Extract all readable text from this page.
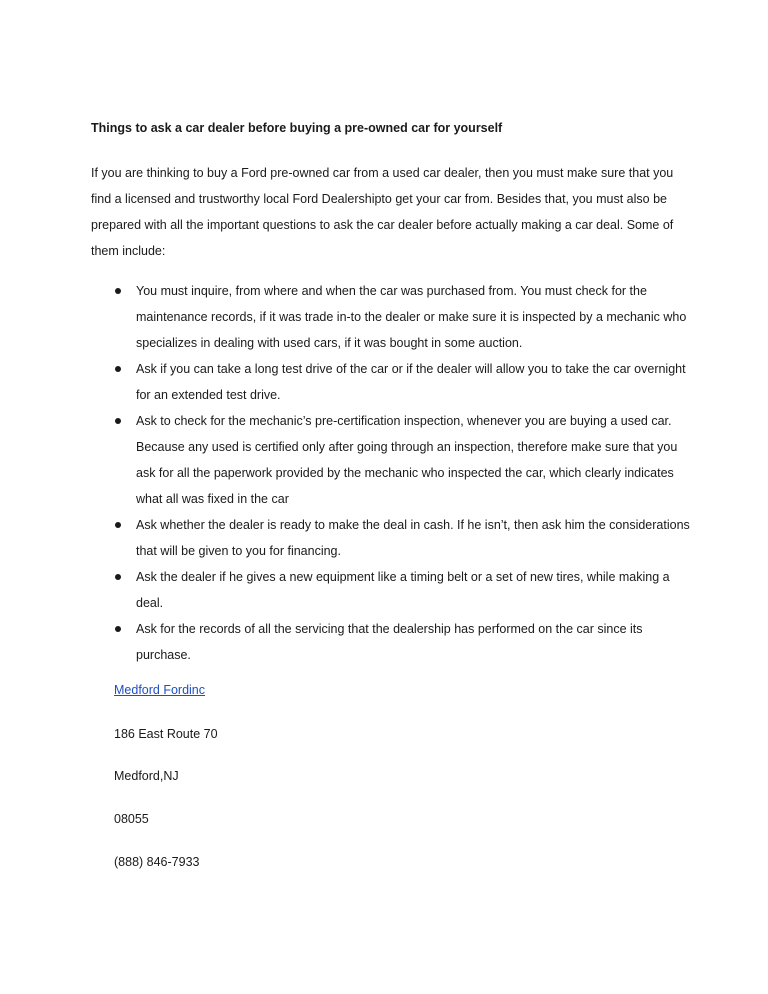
Things to ask a car dealer before buying a pre-owned car for yourself

If you are thinking to buy a Ford pre-owned car from a used car dealer, then you must make sure that you find a licensed and trustworthy local Ford Dealershipto get your car from. Besides that, you must also be prepared with all the important questions to ask the car dealer before actually making a car deal. Some of them include:

You must inquire, from where and when the car was purchased from. You must check for the maintenance records, if it was trade in-to the dealer or make sure it is inspected by a mechanic who specializes in dealing with used cars, if it was bought in some auction.
Ask if you can take a long test drive of the car or if the dealer will allow you to take the car overnight for an extended test drive.
Ask to check for the mechanic’s pre-certification inspection, whenever you are buying a used car. Because any used is certified only after going through an inspection, therefore make sure that you ask for all the paperwork provided by the mechanic who inspected the car, which clearly indicates what all was fixed in the car
Ask whether the dealer is ready to make the deal in cash. If he isn’t, then ask him the considerations that will be given to you for financing.
Ask the dealer if he gives a new equipment like a timing belt or a set of new tires, while making a deal.
Ask for the records of all the servicing that the dealership has performed on the car since its purchase.
Medford Fordinc
186 East Route 70
Medford,NJ
08055
(888) 846-7933
